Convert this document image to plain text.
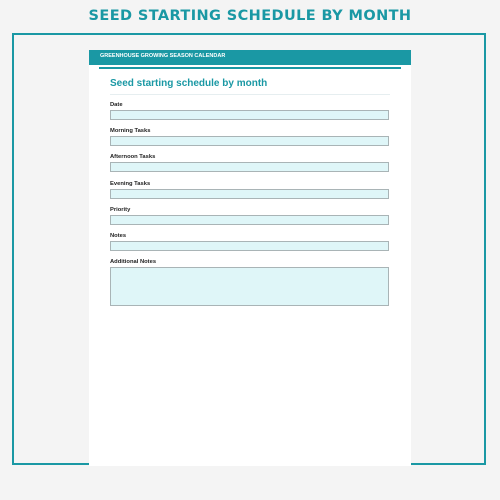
SEED STARTING SCHEDULE BY MONTH
GREENHOUSE GROWING SEASON CALENDAR
Seed starting schedule by month
Date
Morning Tasks
Afternoon Tasks
Evening Tasks
Priority
Notes
Additional Notes
